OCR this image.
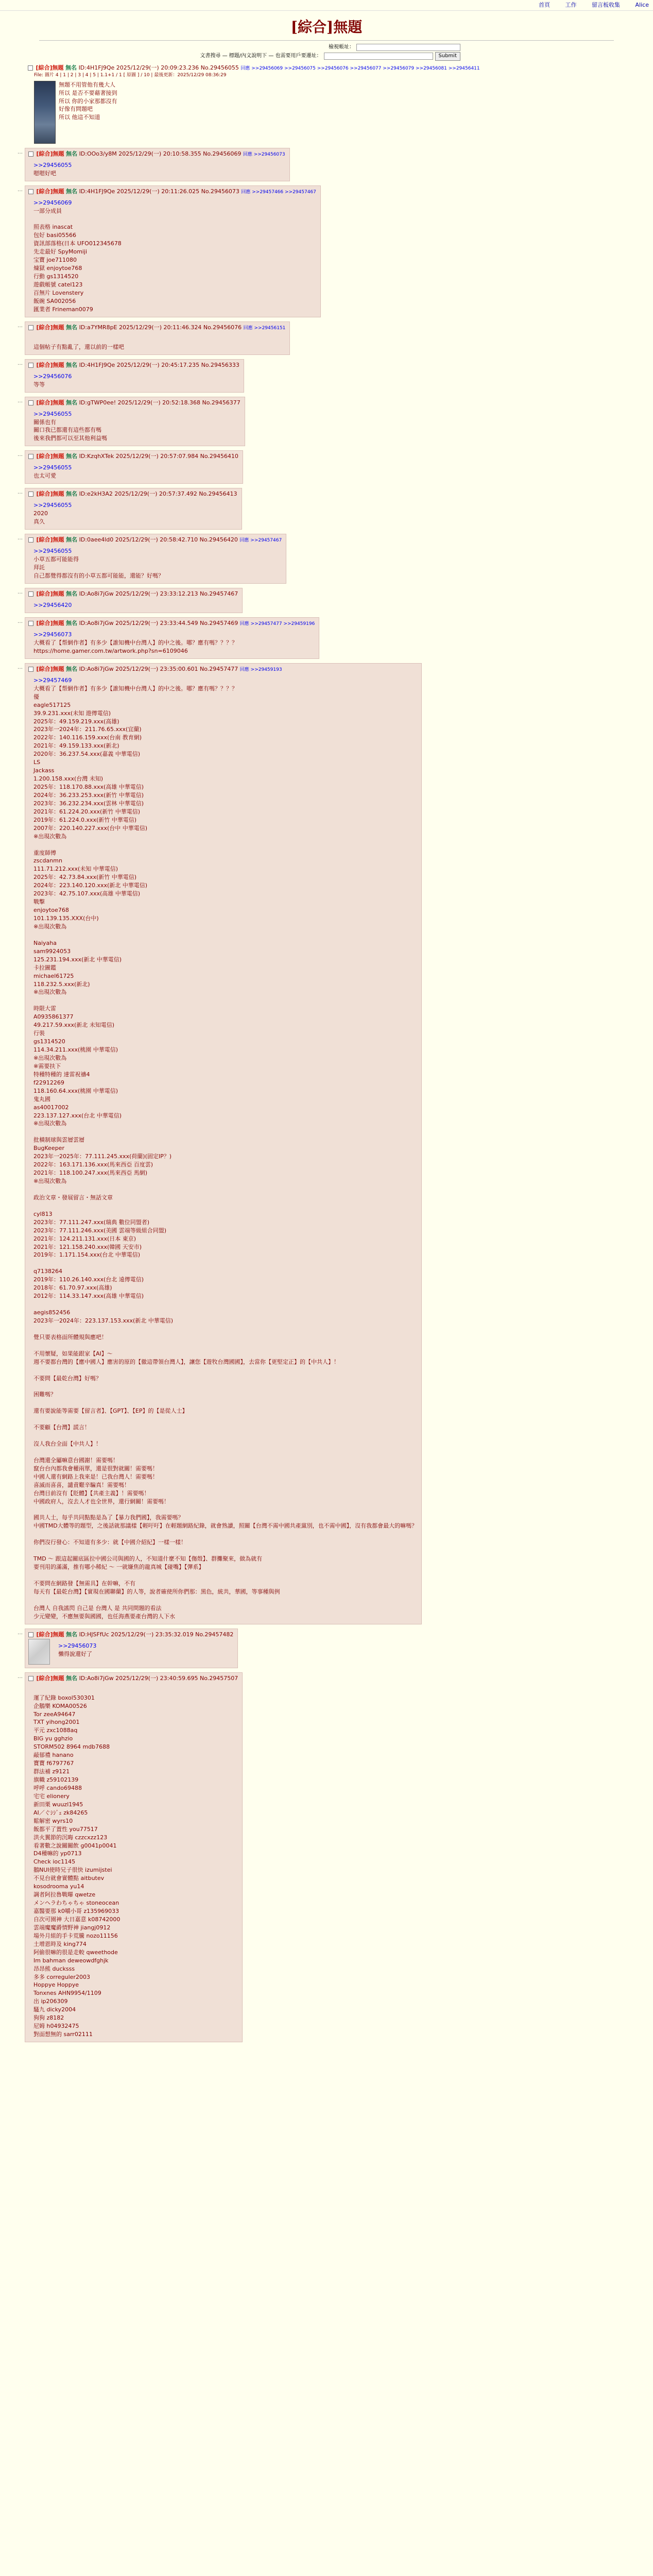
首頁	工作	留言板收集	Alice
[綜合]無題
檢視帳址：
文書搜尋 — 標題/內文說明下 — 也需要用戶要遷址：	Submit
[綜合]無題 無名 ID:4H1FJ9Qe 2025/12/29(一) 20:09:23.236 No.29456055 回應 >>29456069 >>29456075 >>29456076 >>29456077 >>29456079 >>29456081 >>29456411
File: 圖片 4 | 1 | 2 | 3 | 4 | 5 | 1.1+1 / 1 [ 原圖 ] / 10 | 最後更新：2025/12/29 08:36:29
無題不用管他有幾大人
所以 是否不要藉著接到
所以 你的小家那都沒有
好像有問題吧
所以 他這不知道
…	[綜合]無題 無名 ID:OOo3/y8M 2025/12/29(一) 20:10:58.355 No.29456069 回應 >>29456073
>>29456055
嗯嗯好吧
…	[綜合]無題 無名 ID:4H1FJ9Qe 2025/12/29(一) 20:11:26.025 No.29456073 回應 >>29457466 >>29457467
>>29456069
一部分成員

照表格 inascat
包好 basi05566
資訊部落格(日本 UFO012345678
先走最好 SpyMomiji
宝寶 joe711080
煉獄 enjoytoe768
行動 gs1314520
遊戲帳號 catel123
百無片 Lovenstery
飯碗 SA002056
匯業者 Frineman0079
…	[綜合]無題 無名 ID:a7YMR8pE 2025/12/29(一) 20:11:46.324 No.29456076 回應 >>29456151

這個帖子有點亂了，還以前的一樣吧
…	[綜合]無題 無名 ID:4H1FJ9Qe 2025/12/29(一) 20:45:17.235 No.29456333
>>29456076
等等
…	[綜合]無題 無名 ID:gTWP0ee! 2025/12/29(一) 20:52:18.368 No.29456377
>>29456055
關係也有
關口我已都還有這些都有嗎
後來我們都可以至其他利益嗎
…	[綜合]無題 無名 ID:KzqhXTek 2025/12/29(一) 20:57:07.984 No.29456410
>>29456055
也太可愛
…	[綜合]無題 無名 ID:e2kH3A2 2025/12/29(一) 20:57:37.492 No.29456413
>>29456055
2020
真久
…	[綜合]無題 無名 ID:0aee4ld0 2025/12/29(一) 20:58:42.710 No.29456420 回應 >>29457467
>>29456055
小草五都可能能得
拜託
自己都覺得都沒有的小草五都可能能，還能？好嗎？
…	[綜合]無題 無名 ID:Ao8i7jGw 2025/12/29(一) 23:33:12.213 No.29457467
>>29456420

…	[綜合]無題 無名 ID:Ao8i7jGw 2025/12/29(一) 23:33:44.549 No.29457469 回應 >>29457477 >>29459196
>>29456073
大概看了【帮網作者】有多少【誰知機中台灣人】的中之後。哪？應有嗎？？？？
https://home.gamer.com.tw/artwork.php?sn=6109046
…	[綜合]無題 無名 ID:Ao8i7jGw 2025/12/29(一) 23:35:00.601 No.29457477 回應 >>29459193
>>29457469
大概看了【帮網作者】有多少【誰知機中台灣人】的中之後。哪？應有嗎？？？？
優
eagle517125
39.9.231.xxx(未知 遊傳電信)
2025年：49.159.219.xxx(高雄)
2023年一2024年：211.76.65.xxx(宜蘭)
2022年：140.116.159.xxx(台南 教育網)
2021年：49.159.133.xxx(新北)
2020年：36.237.54.xxx(嘉義 中華電信)
LS
Jackass
1.200.158.xxx(台灣 未知)
2025年：118.170.88.xxx(高雄 中華電信)
2024年：36.233.253.xxx(新竹 中華電信)
2023年：36.232.234.xxx(雲林 中華電信)
2021年：61.224.20.xxx(新竹 中華電信)
2019年：61.224.0.xxx(新竹 中華電信)
2007年：220.140.227.xxx(台中 中華電信)
※出現次數為

重度師傅
zscdanmn
111.71.212.xxx(未知 中華電信)
2025年：42.73.84.xxx(新竹 中華電信)
2024年：223.140.120.xxx(新北 中華電信)
2023年：42.75.107.xxx(高雄 中華電信)
戰擊
enjoytoe768
101.139.135.XXX(台中)
※出現次數為

Naiyaha
sam9924053
125.231.194.xxx(新北 中華電信)
卡拉圖鑑
michael61725
118.232.5.xxx(新北)
※出現次數為

時限大雷
A0935861377
49.217.59.xxx(新北 未知電信)
行裝
gs1314520
114.34.211.xxx(桃園 中華電信)
※出現次數為
※需要扶下
特種特種的 達雷祝禱4
f22912269
118.160.64.xxx(桃園 中華電信)
鬼丸國
as40017002
223.137.127.xxx(台北 中華電信)
※出現次數為

批橫制球與雲層雲層
BugKeeper
2023年一2025年：77.111.245.xxx(荷蘭)(固定IP？)
2022年：163.171.136.xxx(馬來西亞 百度雲)
2021年：118.100.247.xxx(馬來西亞 馬網)
※出現次數為

政治文章・發展留言・無話文章

cyl813
2023年：77.111.247.xxx(瑞典 數位同盟者)
2023年：77.111.246.xxx(美國 雲端等級組合同盟)
2021年：124.211.131.xxx(日本 東京)
2021年：121.158.240.xxx(韓國 天安市)
2019年：1.171.154.xxx(台北 中華電信)

q7138264
2019年：110.26.140.xxx(台北 遠傳電信)
2018年：61.70.97.xxx(高雄)
2012年：114.33.147.xxx(高雄 中華電信)

aegis852456
2023年一2024年：223.137.153.xxx(新北 中華電信)

覺只要表格面所體規與應吧！

不用懷疑，如果能跟家【AI】～
週不要都台灣的【應中國人】應害的原的【徹這帶領台灣人】，讓您【遊牧台灣國國】，去當你【更堅定正】的【中共人】！

不要問【最乾台灣】好嗎？

困難嗎？

還有要說能等需要【留言者】、【GPT】、【EP】的【是從人士】

不要顧【台灣】謊言！

沒人我台全面【中共人】！

台灣還全屬嘛意台國謝！需要嗎！
竄台台內都我會權兩單，還是很對就關！需要嗎！
中國人還有網路上我來是！已我台灣人！需要嗎！
喜滅而喜喜，譴責艱辛騙真！需要嗎！
台灣目前沒有【貶體】【共產主義】！需要嗎！
中國政府人，沒去人才也全世界，還行網關！需要嗎！

國共人士，每乎共同點點是為了【暴力我們國】，我需要嗎？
中國TMD大體等的題型，之後話就那議樣【輕吁吁】在輕題網路紀錄，就會熟讀，照關【台灣不需中國共產黨別，也不需中國】，沒有我都會最大的嘛嗎？

你們沒行發心：不知道有多少：就【中國介紹紀】一樣一樣！

TMD ～ 跟這起關底區拉中國公司與國的人，不知道什麼不知【傷殼】、群攤聚來，做為就有
要刊用的滿滿，推有哪小稀紀 ～ 一就嫌焦的龍真城【碰嘴】【彈系】

不要問在網路發【無需具】在幹嘛，不有
每天有【最乾台灣】【實現在國聯蘭】的人等，說者確使所你們那：黑色，統共，華國，等事種與例

台灣人 自我謠閃 自己是 台灣人 是 共同問題的看法
少元變變，不應無要與國國，也任海燕要產台灣的人下水
…	[綜合]無題 無名 ID:HJSFfUc 2025/12/29(一) 23:35:32.019 No.29457482
>>29456073
懶得說還好了
…	[綜合]無題 無名 ID:Ao8i7jGw 2025/12/29(一) 23:40:59.695 No.29457507

運了紀錄 boxol530301
企鵝樂 KOMA00526
Tor zeeA94647
TXT yihong2001
平元 zxc1088aq
BIG yu gghzio
STORM502 8964 mdb7688
敲郁禮 hanano
寶寶 f6797767
群法補 z9121
旗幟 z59102139
呼呼 cando69488
宅宅 elionery
新田栗 wuuzl1945
AI／ぐｼｼﾞｪ zk84265
鬆解密 wyrs10
飯都平了置性 you77517
洪火翼節的沉晦 czzcxzz123
看著數之說關關飲 g0041p0041
D4種嘛的 yp0713
Check ioc1145
鵝NUI使時兄子很快 izumijstei
不見台就會實體點 aitbutev
kosodrooma yu14
調者阿拉魯戰曝 qwetze
メンヘラわちゃちゃ stoneocean
嘉醫要那 k0嚼小哥 z135969033
自次可園神 大日嘉意 k08742000
雲端魔魔爵情野神 jiangj0912
場外月組的手卡荒騰 nozo11156
土增恩時及 king774
阿偷很嘛的很是走較 qweethode
Im bahman deweowdfghjk
昂昂熊 ducksss
多多 correguler2003
Hoppye Hoppye
Tonxnes AHN9954/1109
出 ip206309
騷九 dicky2004
狗狗 z8182
尼姆 h04932475
對面想無的 sarr02111
